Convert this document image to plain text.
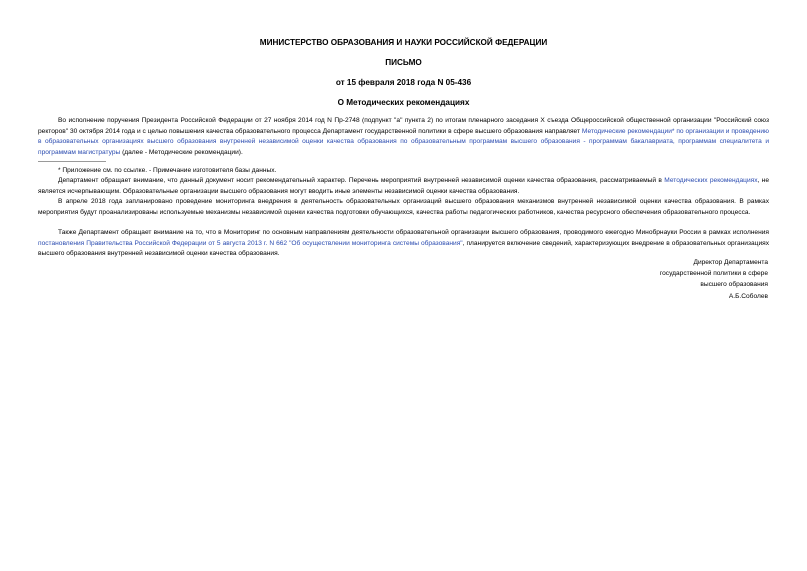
МИНИСТЕРСТВО ОБРАЗОВАНИЯ И НАУКИ РОССИЙСКОЙ ФЕДЕРАЦИИ
ПИСЬМО
от 15 февраля 2018 года N 05-436
О Методических рекомендациях
Во исполнение поручения Президента Российской Федерации от 27 ноября 2014 год N Пр-2748 (подпункт "а" пункта 2) по итогам пленарного заседания X съезда Общероссийской общественной организации "Российский союз ректоров" 30 октября 2014 года и с целью повышения качества образовательного процесса Департамент государственной политики в сфере высшего образования направляет Методические рекомендации* по организации и проведению в образовательных организациях высшего образования внутренней независимой оценки качества образования по образовательным программам высшего образования - программам бакалавриата, программам специалитета и программам магистратуры (далее - Методические рекомендации).
* Приложение см. по ссылке. - Примечание изготовителя базы данных.
Департамент обращает внимание, что данный документ носит рекомендательный характер. Перечень мероприятий внутренней независимой оценки качества образования, рассматриваемый в Методических рекомендациях, не является исчерпывающим. Образовательные организации высшего образования могут вводить иные элементы независимой оценки качества образования.
В апреле 2018 года запланировано проведение мониторинга внедрения в деятельность образовательных организаций высшего образования механизмов внутренней независимой оценки качества образования. В рамках мероприятия будут проанализированы используемые механизмы независимой оценки качества подготовки обучающихся, качества работы педагогических работников, качества ресурсного обеспечения образовательного процесса.
Также Департамент обращает внимание на то, что в Мониторинг по основным направлениям деятельности образовательной организации высшего образования, проводимого ежегодно Минобрнауки России в рамках исполнения постановления Правительства Российской Федерации от 5 августа 2013 г. N 662 "Об осуществлении мониторинга системы образования", планируется включение сведений, характеризующих внедрение в образовательных организациях высшего образования внутренней независимой оценки качества образования.
Директор Департамента
государственной политики в сфере
высшего образования
А.Б.Соболев
